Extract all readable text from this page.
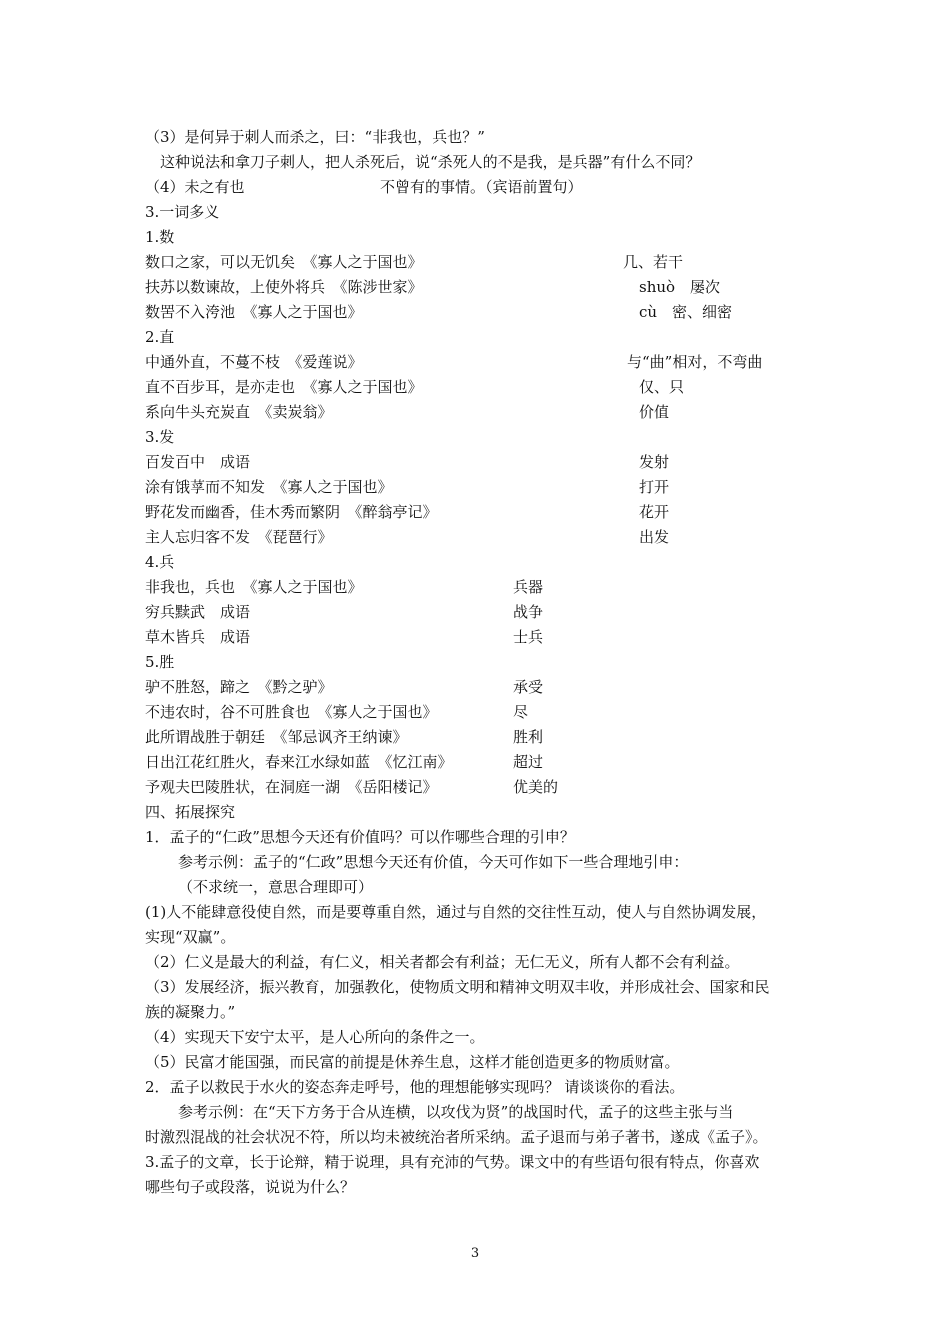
（3）是何异于刺人而杀之，曰：“非我也，兵也？”
　这种说法和拿刀子刺人，把人杀死后，说“杀死人的不是我，是兵器”有什么不同？
（4）未之有也	不曾有的事情。（宾语前置句）
3.一词多义
1.数
数口之家，可以无饥矣　《寡人之于国也》	几、若干
扶苏以数谏故，上使外将兵　《陈涉世家》	shuò　屡次
数罟不入洿池　《寡人之于国也》	cù　密、细密
2.直
中通外直，不蔓不枝　《爱莲说》	与“曲”相对，不弯曲
直不百步耳，是亦走也　《寡人之于国也》	仅、只
系向牛头充炭直　《卖炭翁》	价值
3.发
百发百中　成语	发射
涂有饿莩而不知发　《寡人之于国也》	打开
野花发而幽香，佳木秀而繁阴　《醉翁亭记》	花开
主人忘归客不发　《琵琶行》	出发
4.兵
非我也，兵也　《寡人之于国也》	兵器
穷兵黩武　成语	战争
草木皆兵　成语	士兵
5.胜
驴不胜怒，蹄之　《黔之驴》	承受
不违农时，谷不可胜食也　《寡人之于国也》	尽
此所谓战胜于朝廷　《邹忌讽齐王纳谏》	胜利
日出江花红胜火，春来江水绿如蓝　《忆江南》	超过
予观夫巴陵胜状，在洞庭一湖　《岳阳楼记》	优美的
四、拓展探究
1．孟子的“仁政”思想今天还有价值吗？可以作哪些合理的引申？
参考示例：孟子的“仁政”思想今天还有价值，今天可作如下一些合理地引申：
（不求统一，意思合理即可）
(1)人不能肆意役使自然，而是要尊重自然，通过与自然的交往性互动，使人与自然协调发展，
实现“双赢”。
（2）仁义是最大的利益，有仁义，相关者都会有利益；无仁无义，所有人都不会有利益。
（3）发展经济，振兴教育，加强教化，使物质文明和精神文明双丰收，并形成社会、国家和民
族的凝聚力。”
（4）实现天下安宁太平，是人心所向的条件之一。
（5）民富才能国强，而民富的前提是休养生息，这样才能创造更多的物质财富。
2．孟子以救民于水火的姿态奔走呼号，他的理想能够实现吗？ 请谈谈你的看法。
参考示例：在“天下方务于合从连横，以攻伐为贤”的战国时代，孟子的这些主张与当
时激烈混战的社会状况不符，所以均未被统治者所采纳。孟子退而与弟子著书，遂成《孟子》。
3.孟子的文章，长于论辩，精于说理，具有充沛的气势。课文中的有些语句很有特点，你喜欢
哪些句子或段落，说说为什么？
3
